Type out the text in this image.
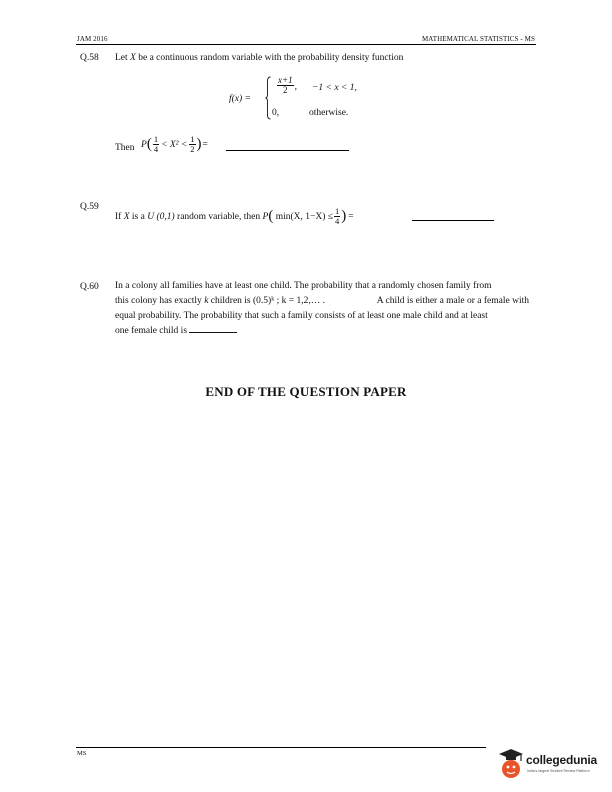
JAM 2016	MATHEMATICAL STATISTICS - MS
Q.58 Let X be a continuous random variable with the probability density function
f(x) =
$\frac{x+1}{2}$ , −1 < x < 1,
0,	otherwise.
Then P ( $\frac{1}{4} < X^2 < \frac{1}{2}$ ) =
Q.59
If
X
is a
U (0,1)
random variable, then
P (
min(X, $1-X) \le \frac{1}{4}$ ) =
Q.60 In a colony all families have at least one child. The probability that a randomly chosen family from
this colony has exactly k children is (0.5)ᵏ ; k = 1,2,… .	A child is either a male or a female with
equal probability. The probability that such a family consists of at least one male child and at least
one female child is
END OF THE QUESTION PAPER
MS	collegedunia
India's largest Student Review Platform
